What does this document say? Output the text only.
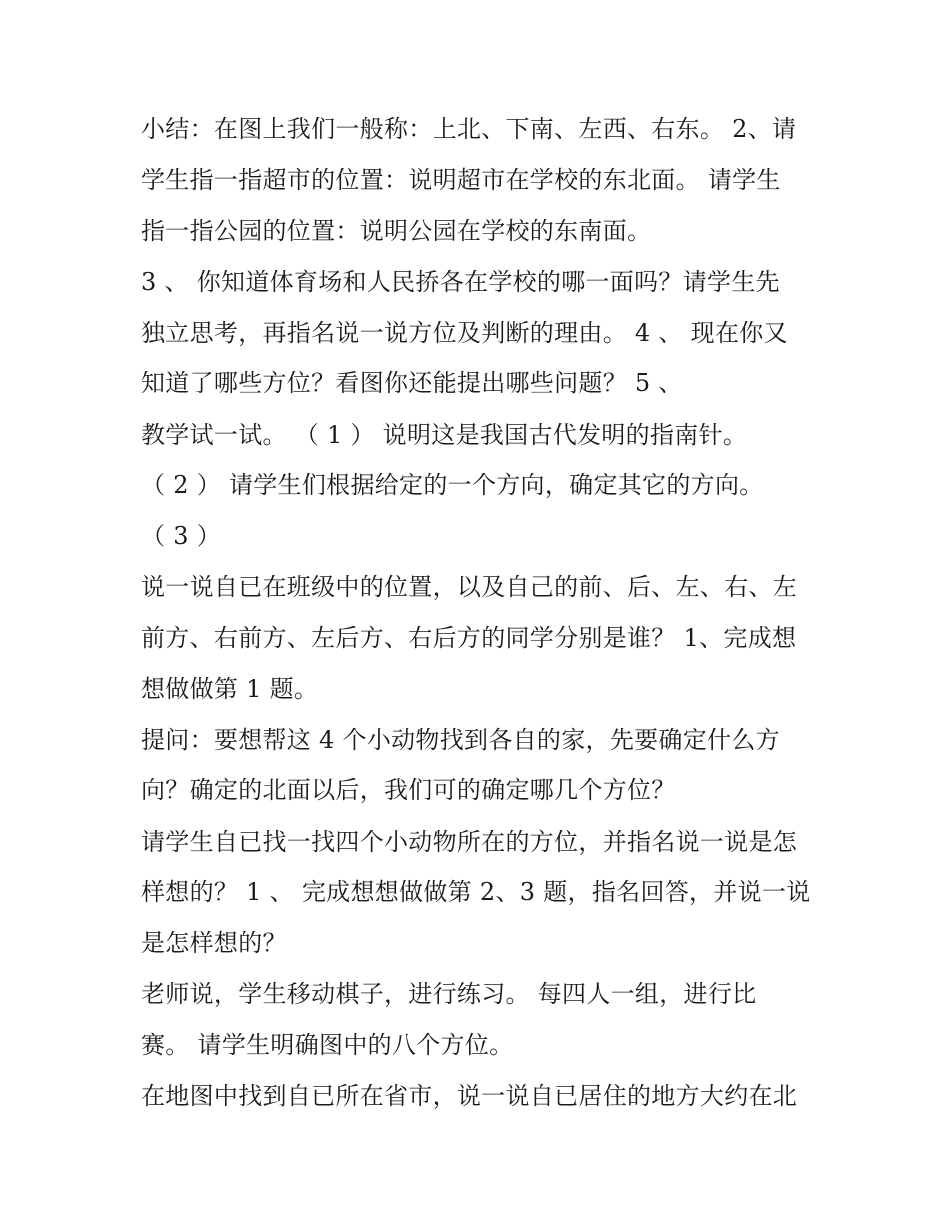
小结：在图上我们一般称：上北、下南、左西、右东。 2、请
学生指一指超市的位置：说明超市在学校的东北面。 请学生
指一指公园的位置：说明公园在学校的东南面。
3 、 你知道体育场和人民挢各在学校的哪一面吗？请学生先
独立思考，再指名说一说方位及判断的理由。 4 、 现在你又
知道了哪些方位？看图你还能提出哪些问题？ 5 、
教学试一试。 （ 1 ） 说明这是我国古代发明的指南针。
（ 2 ） 请学生们根据给定的一个方向，确定其它的方向。
（ 3 ）
说一说自已在班级中的位置，以及自己的前、后、左、右、左
前方、右前方、左后方、右后方的同学分别是谁？ 1、完成想
想做做第 1 题。
提问：要想帮这 4 个小动物找到各自的家，先要确定什么方
向？确定的北面以后，我们可的确定哪几个方位？
请学生自已找一找四个小动物所在的方位，并指名说一说是怎
样想的？ 1 、 完成想想做做第 2、3 题，指名回答，并说一说
是怎样想的？
老师说，学生移动棋子，进行练习。 每四人一组，进行比
赛。 请学生明确图中的八个方位。
在地图中找到自已所在省市，说一说自已居住的地方大约在北
